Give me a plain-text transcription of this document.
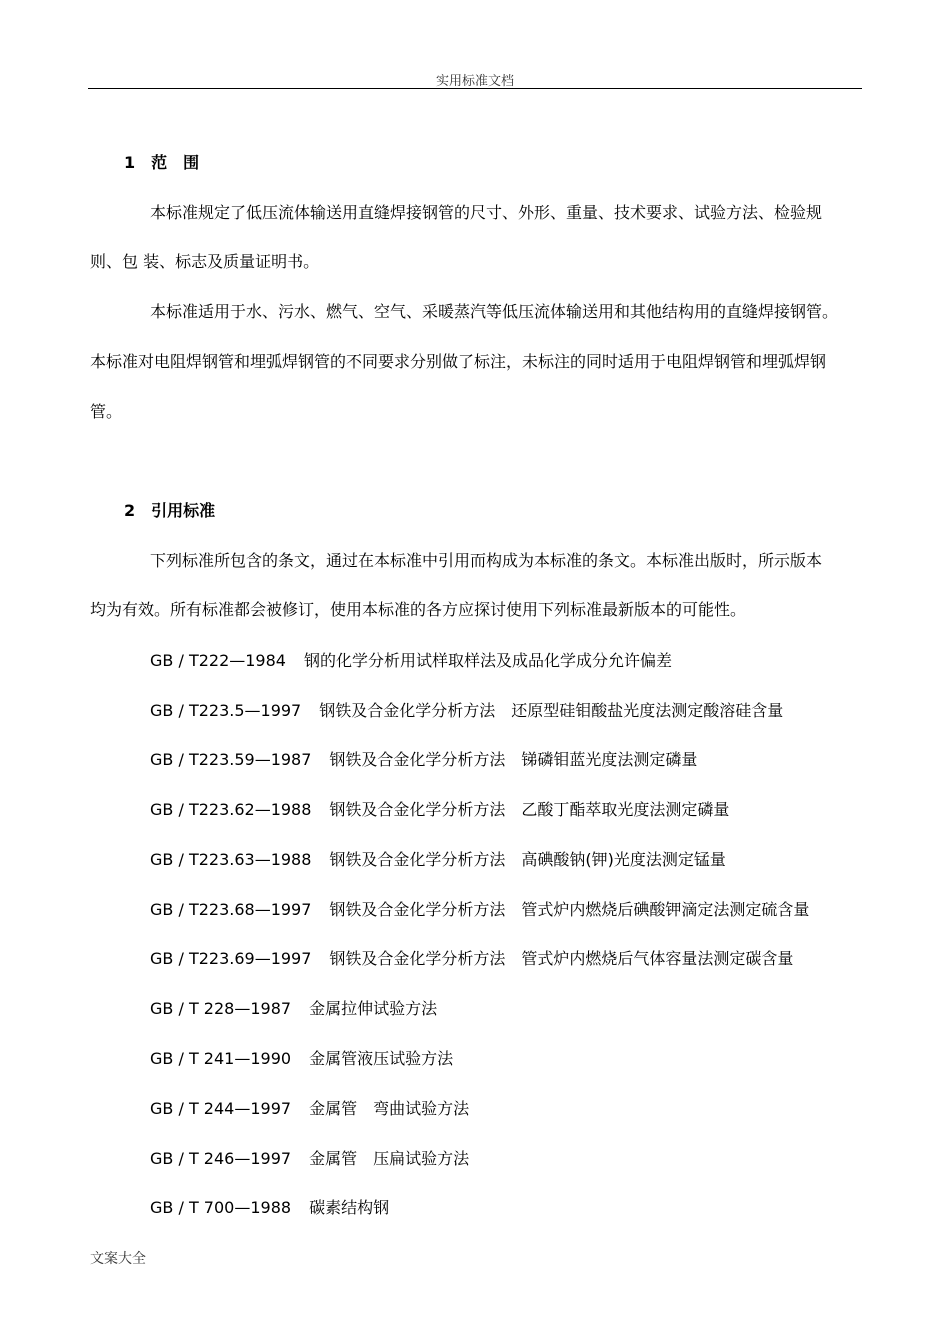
实用标准文档
1　范　围
本标准规定了低压流体输送用直缝焊接钢管的尺寸、外形、重量、技术要求、试验方法、检验规
则、包 装、标志及质量证明书。
本标准适用于水、污水、燃气、空气、采暖蒸汽等低压流体输送用和其他结构用的直缝焊接钢管。
本标准对电阻焊钢管和埋弧焊钢管的不同要求分别做了标注，未标注的同时适用于电阻焊钢管和埋弧焊钢
管。
2　引用标准
下列标准所包含的条文，通过在本标准中引用而构成为本标准的条文。本标准出版时，所示版本
均为有效。所有标准都会被修订，使用本标准的各方应探讨使用下列标准最新版本的可能性。
GB / T222—1984 钢的化学分析用试样取样法及成品化学成分允许偏差
GB / T223.5—1997 钢铁及合金化学分析方法　还原型硅钼酸盐光度法测定酸溶硅含量
GB / T223.59—1987 钢铁及合金化学分析方法　锑磷钼蓝光度法测定磷量
GB / T223.62—1988 钢铁及合金化学分析方法　乙酸丁酯萃取光度法测定磷量
GB / T223.63—1988 钢铁及合金化学分析方法　高碘酸钠(钾)光度法测定锰量
GB / T223.68—1997 钢铁及合金化学分析方法　管式炉内燃烧后碘酸钾滴定法测定硫含量
GB / T223.69—1997 钢铁及合金化学分析方法　管式炉内燃烧后气体容量法测定碳含量
GB / T 228—1987 金属拉伸试验方法
GB / T 241—1990 金属管液压试验方法
GB / T 244—1997 金属管　弯曲试验方法
GB / T 246—1997 金属管　压扁试验方法
GB / T 700—1988 碳素结构钢
文案大全
